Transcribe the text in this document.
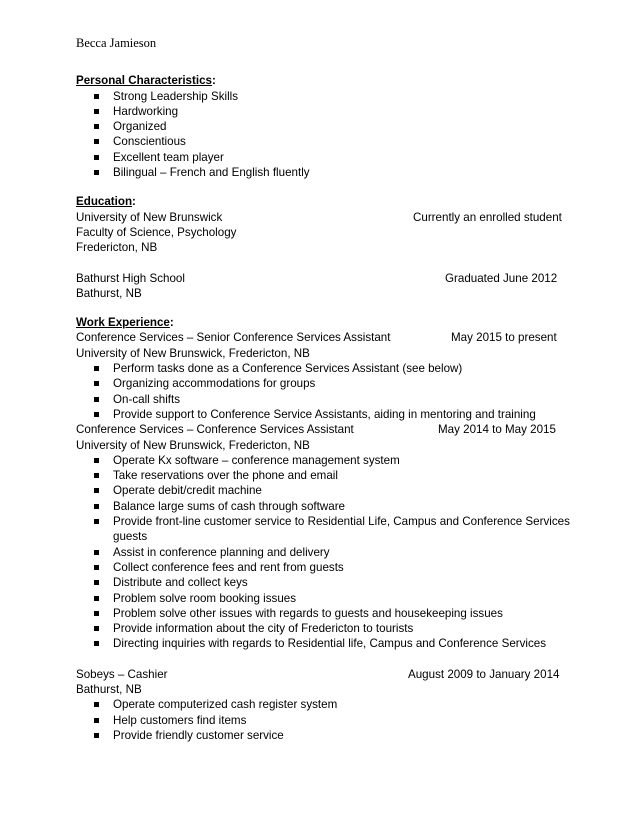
Becca Jamieson
Personal Characteristics:
Strong Leadership Skills
Hardworking
Organized
Conscientious
Excellent team player
Bilingual – French and English fluently
Education:
University of New Brunswick	Currently an enrolled student
Faculty of Science, Psychology
Fredericton, NB
Bathurst High School	Graduated June 2012
Bathurst, NB
Work Experience:
Conference Services – Senior Conference Services Assistant	May 2015 to present
University of New Brunswick, Fredericton, NB
Perform tasks done as a Conference Services Assistant (see below)
Organizing accommodations for groups
On-call shifts
Provide support to Conference Service Assistants, aiding in mentoring and training
Conference Services – Conference Services Assistant	May 2014 to May 2015
University of New Brunswick, Fredericton, NB
Operate Kx software – conference management system
Take reservations over the phone and email
Operate debit/credit machine
Balance large sums of cash through software
Provide front-line customer service to Residential Life, Campus and Conference Services guests
Assist in conference planning and delivery
Collect conference fees and rent from guests
Distribute and collect keys
Problem solve room booking issues
Problem solve other issues with regards to guests and housekeeping issues
Provide information about the city of Fredericton to tourists
Directing inquiries with regards to Residential life, Campus and Conference Services
Sobeys – Cashier	August 2009 to January 2014
Bathurst, NB
Operate computerized cash register system
Help customers find items
Provide friendly customer service
